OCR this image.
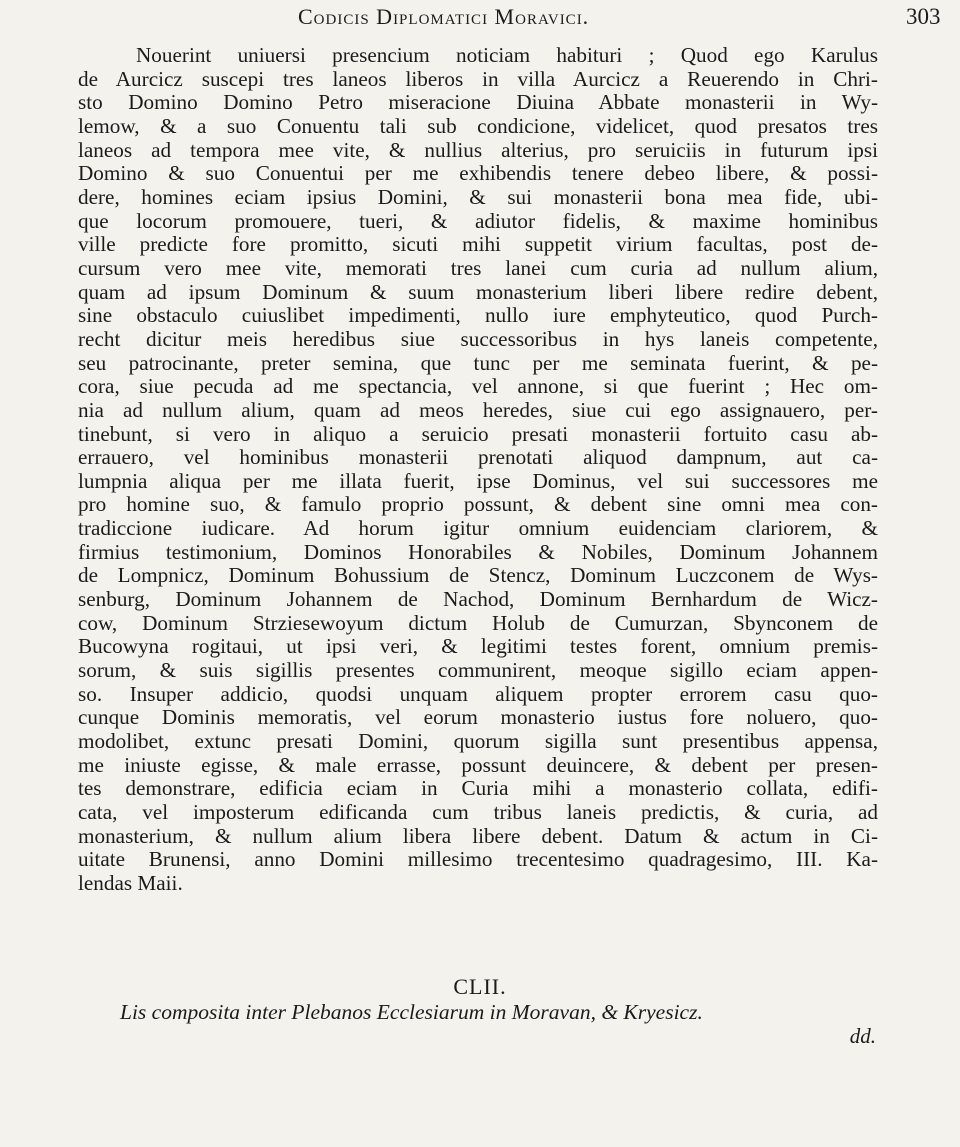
Codicis Diplomatici Moravici.	303
Nouerint uniuersi presencium noticiam habituri ; Quod ego Karulus
de Aurcicz suscepi tres laneos liberos in villa Aurcicz a Reuerendo in Chri-
sto Domino Domino Petro miseracione Diuina Abbate monasterii in Wy-
lemow, & a suo Conuentu tali sub condicione, videlicet, quod presatos tres
laneos ad tempora mee vite, & nullius alterius, pro seruiciis in futurum ipsi
Domino & suo Conuentui per me exhibendis tenere debeo libere, & possi-
dere, homines eciam ipsius Domini, & sui monasterii bona mea fide, ubi-
que locorum promouere, tueri, & adiutor fidelis, & maxime hominibus
ville predicte fore promitto, sicuti mihi suppetit virium facultas, post de-
cursum vero mee vite, memorati tres lanei cum curia ad nullum alium,
quam ad ipsum Dominum & suum monasterium liberi libere redire debent,
sine obstaculo cuiuslibet impedimenti, nullo iure emphyteutico, quod Purch-
recht dicitur meis heredibus siue successoribus in hys laneis competente,
seu patrocinante, preter semina, que tunc per me seminata fuerint, & pe-
cora, siue pecuda ad me spectancia, vel annone, si que fuerint ; Hec om-
nia ad nullum alium, quam ad meos heredes, siue cui ego assignauero, per-
tinebunt, si vero in aliquo a seruicio presati monasterii fortuito casu ab-
errauero, vel hominibus monasterii prenotati aliquod dampnum, aut ca-
lumpnia aliqua per me illata fuerit, ipse Dominus, vel sui successores me
pro homine suo, & famulo proprio possunt, & debent sine omni mea con-
tradiccione iudicare. Ad horum igitur omnium euidenciam clariorem, &
firmius testimonium, Dominos Honorabiles & Nobiles, Dominum Johannem
de Lompnicz, Dominum Bohussium de Stencz, Dominum Luczconem de Wys-
senburg, Dominum Johannem de Nachod, Dominum Bernhardum de Wicz-
cow, Dominum Strziesewoyum dictum Holub de Cumurzan, Sbynconem de
Bucowyna rogitaui, ut ipsi veri, & legitimi testes forent, omnium premis-
sorum, & suis sigillis presentes communirent, meoque sigillo eciam appen-
so. Insuper addicio, quodsi unquam aliquem propter errorem casu quo-
cunque Dominis memoratis, vel eorum monasterio iustus fore noluero, quo-
modolibet, extunc presati Domini, quorum sigilla sunt presentibus appensa,
me iniuste egisse, & male errasse, possunt deuincere, & debent per presen-
tes demonstrare, edificia eciam in Curia mihi a monasterio collata, edifi-
cata, vel imposterum edificanda cum tribus laneis predictis, & curia, ad
monasterium, & nullum alium libera libere debent. Datum & actum in Ci-
uitate Brunensi, anno Domini millesimo trecentesimo quadragesimo, III. Ka-
lendas Maii.
CLII.
Lis composita inter Plebanos Ecclesiarum in Moravan, & Kryesicz.
dd.
